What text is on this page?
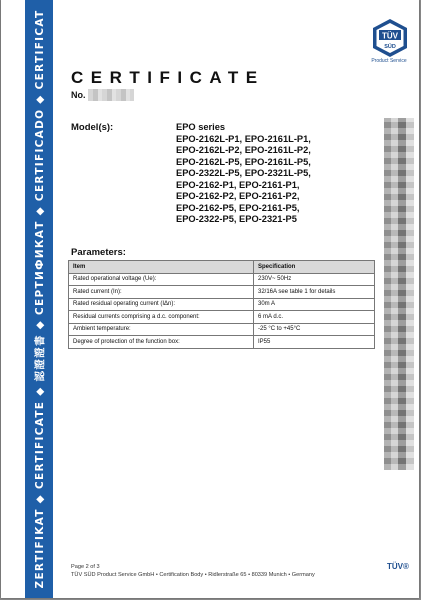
ZERTIFIKAT ◆ CERTIFICATE ◆ 認證證書 ◆ СЕРТИФИКАТ ◆ CERTIFICADO ◆ CERTIFICAT	TÜV
SÜD
Product Service
CERTIFICATE
No.
Model(s):	EPO series
EPO-2162L-P1, EPO-2161L-P1,
EPO-2162L-P2, EPO-2161L-P2,
EPO-2162L-P5, EPO-2161L-P5,
EPO-2322L-P5, EPO-2321L-P5,
EPO-2162-P1, EPO-2161-P1,
EPO-2162-P2, EPO-2161-P2,
EPO-2162-P5, EPO-2161-P5,
EPO-2322-P5, EPO-2321-P5
Parameters:
Item	Specification
Rated operational voltage (Ue):	230V~ 50Hz
Rated current (In):	32/16A see table 1 for details
Rated residual operating current (IΔn):	30m A
Residual currents comprising a d.c. component:	6 mA d.c.
Ambient temperature:	-25 °C to +45°C
Degree of protection of the function box:	IP55
Page 2 of 3
TÜV SÜD Product Service GmbH • Certification Body • Ridlerstraße 65 • 80339 Munich • Germany
TÜV®
